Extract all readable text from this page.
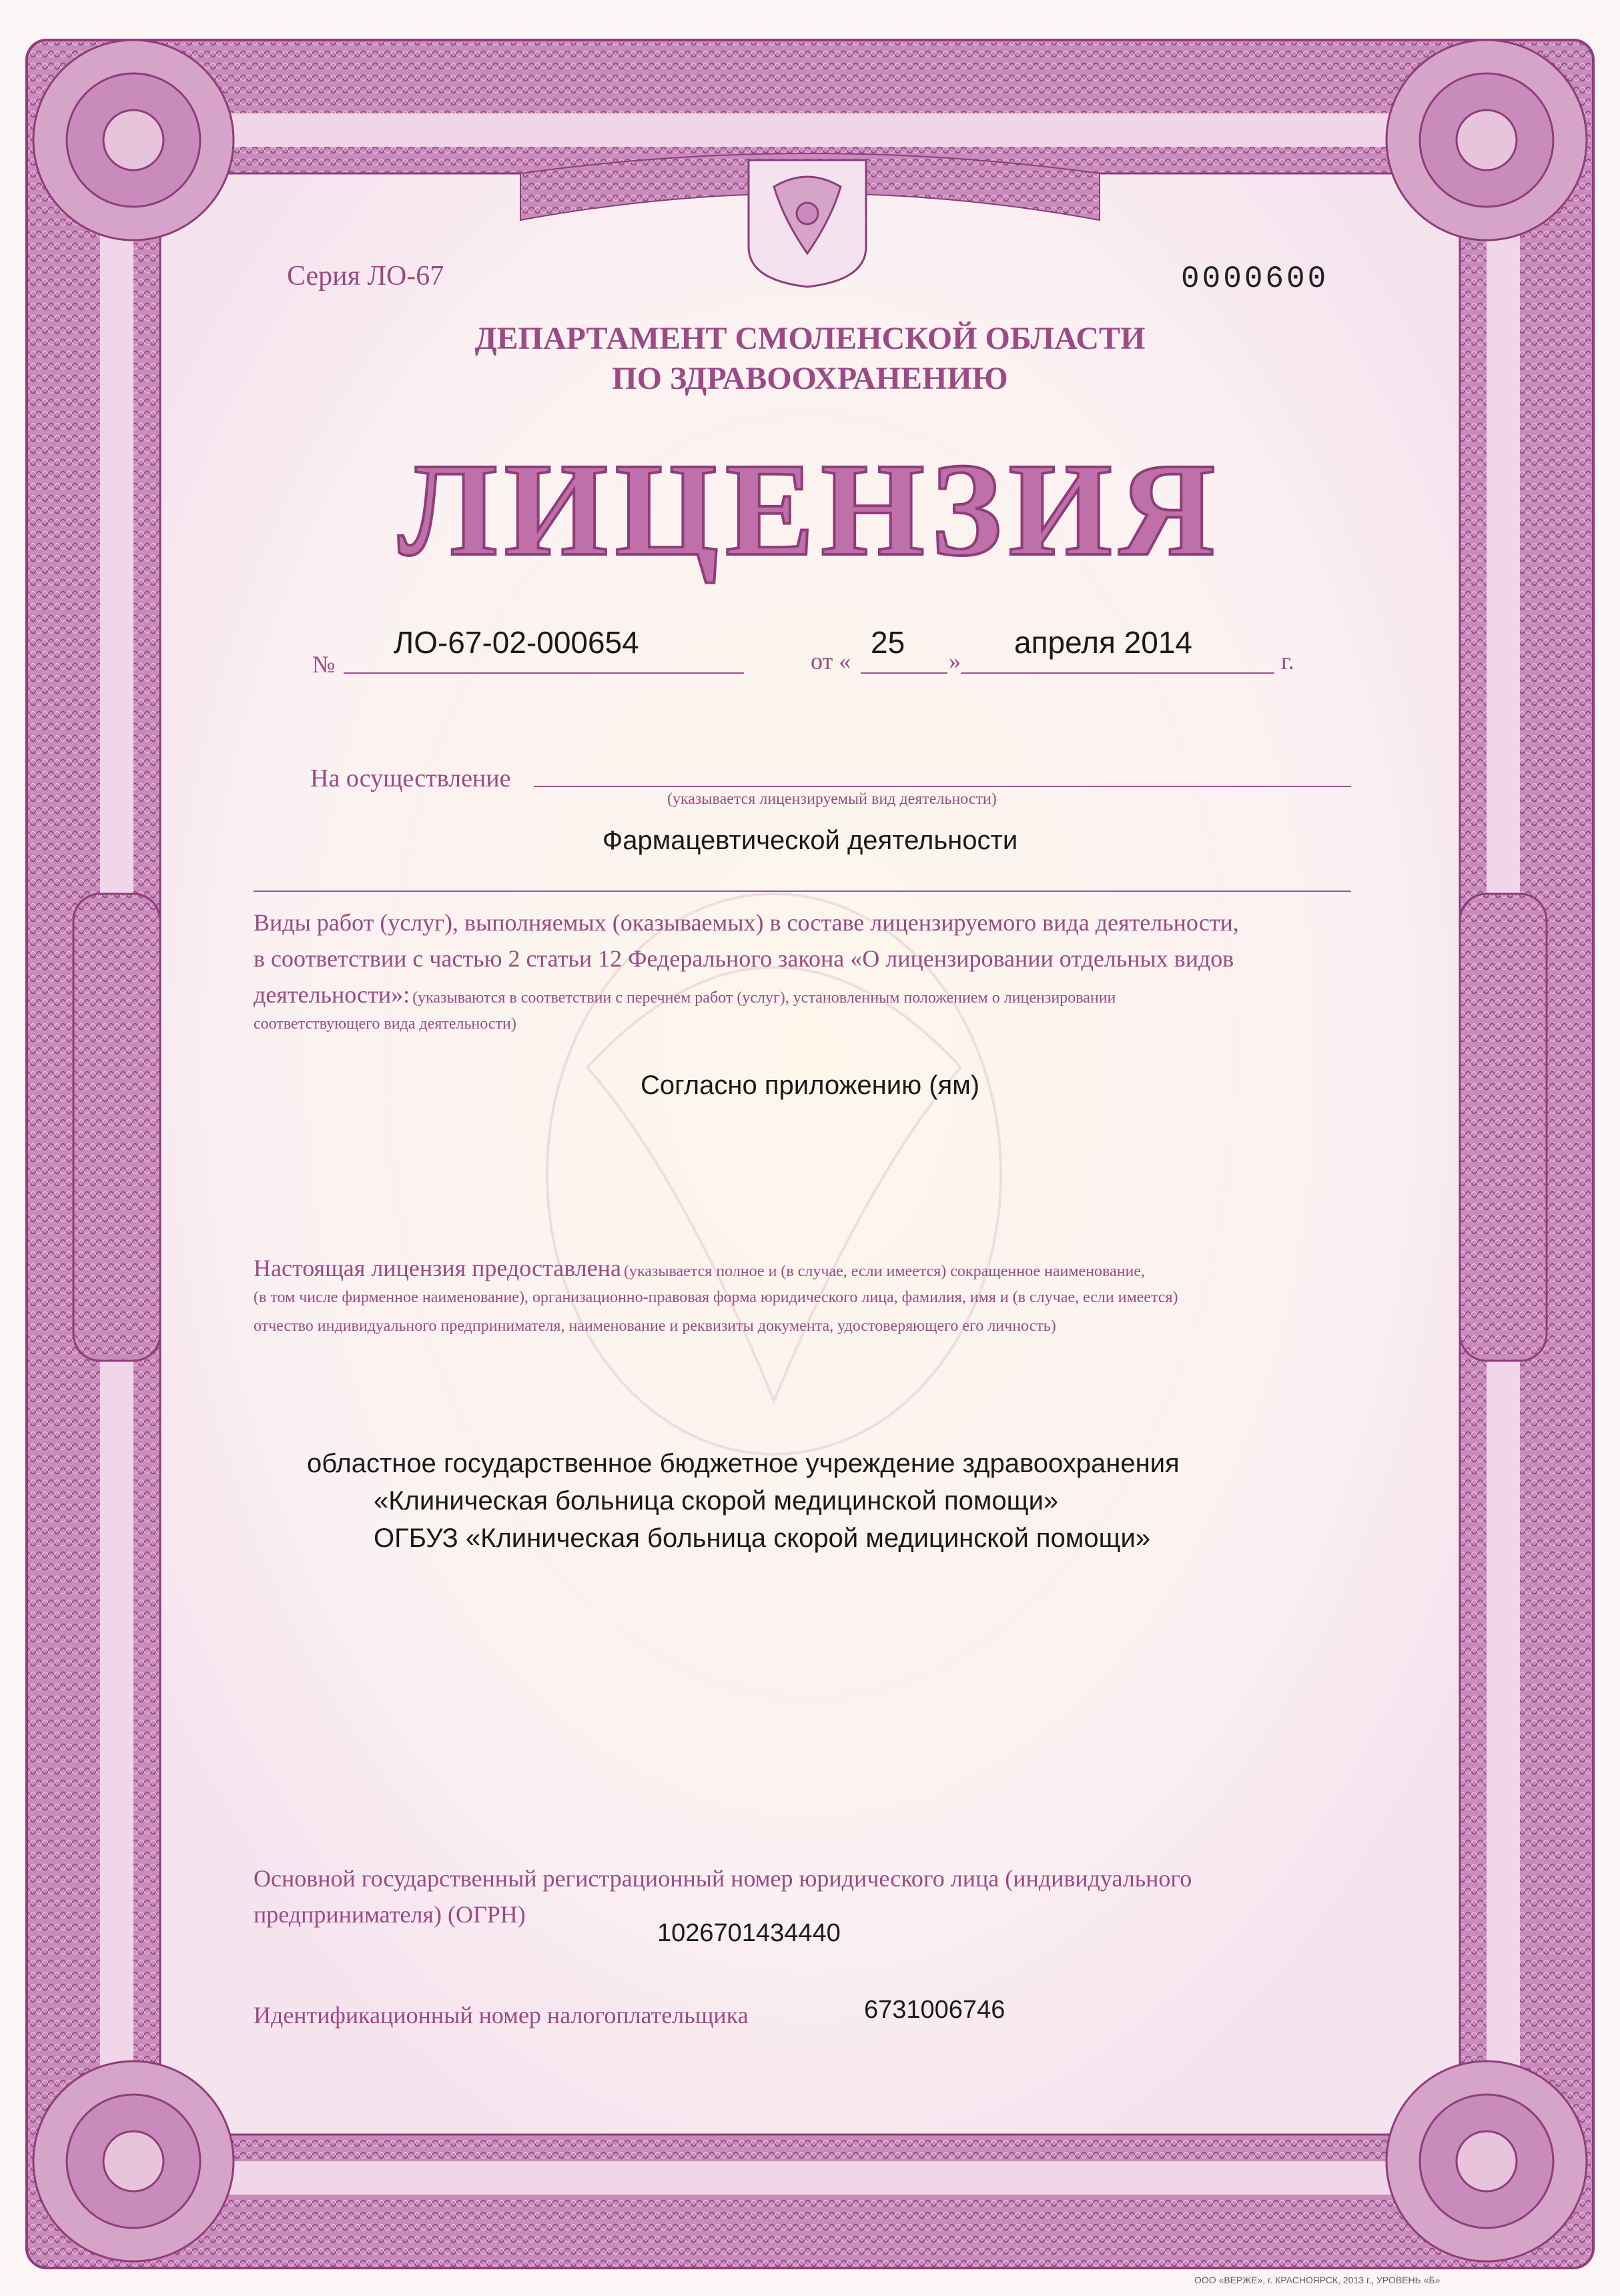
Серия ЛО-67	0000600
ДЕПАРТАМЕНТ СМОЛЕНСКОЙ ОБЛАСТИ
ПО ЗДРАВООХРАНЕНИЮ
ЛИЦЕНЗИЯ
№
ЛО-67-02-000654
от «
25
»
апреля 2014
г.
На осуществление
(указывается лицензируемый вид деятельности)
Фармацевтической деятельности
Виды работ (услуг), выполняемых (оказываемых) в составе лицензируемого вида деятельности,
в соответствии с частью 2 статьи 12 Федерального закона «О лицензировании отдельных видов
деятельности»: (указываются в соответствии с перечнем работ (услуг), установленным положением о лицензировании
соответствующего вида деятельности)
Согласно приложению (ям)
Настоящая лицензия предоставлена (указывается полное и (в случае, если имеется) сокращенное наименование,
(в том числе фирменное наименование), организационно-правовая форма юридического лица, фамилия, имя и (в случае, если имеется)
отчество индивидуального предпринимателя, наименование и реквизиты документа, удостоверяющего его личность)
областное государственное бюджетное учреждение здравоохранения
«Клиническая больница скорой медицинской помощи»
ОГБУЗ «Клиническая больница скорой медицинской помощи»
Основной государственный регистрационный номер юридического лица (индивидуального
предпринимателя) (ОГРН)
1026701434440
Идентификационный номер налогоплательщика	6731006746
ООО «ВЕРЖЕ», г. КРАСНОЯРСК, 2013 г., УРОВЕНЬ «Б»
